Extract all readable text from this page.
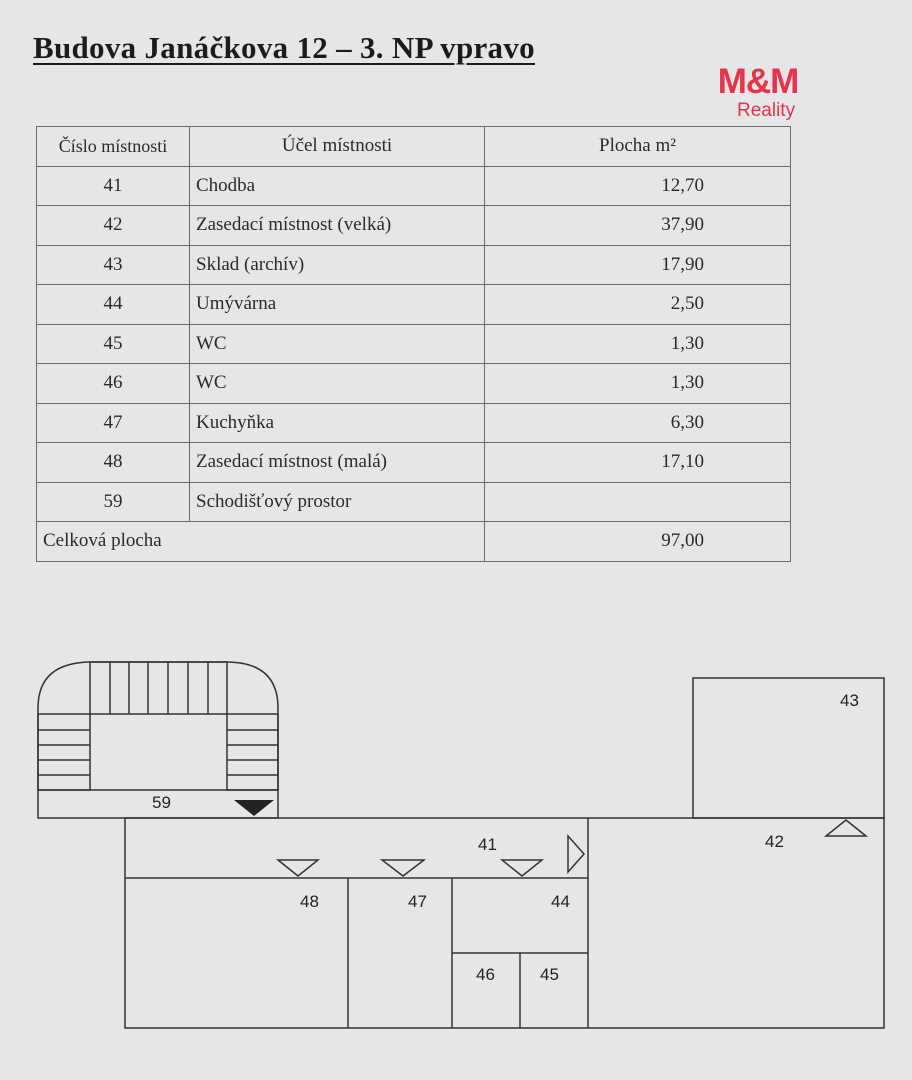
Budova Janáčkova 12 – 3. NP vpravo
M&M
Reality
Číslo místnosti	Účel místnosti	Plocha m²
41	Chodba	12,70
42	Zasedací místnost (velká)	37,90
43	Sklad (archív)	17,90
44	Umývárna	2,50
45	WC	1,30
46	WC	1,30
47	Kuchyňka	6,30
48	Zasedací místnost (malá)	17,10
59	Schodišťový prostor	
Celková plocha		97,00
59
41	42
43
44
45
46
47
48
